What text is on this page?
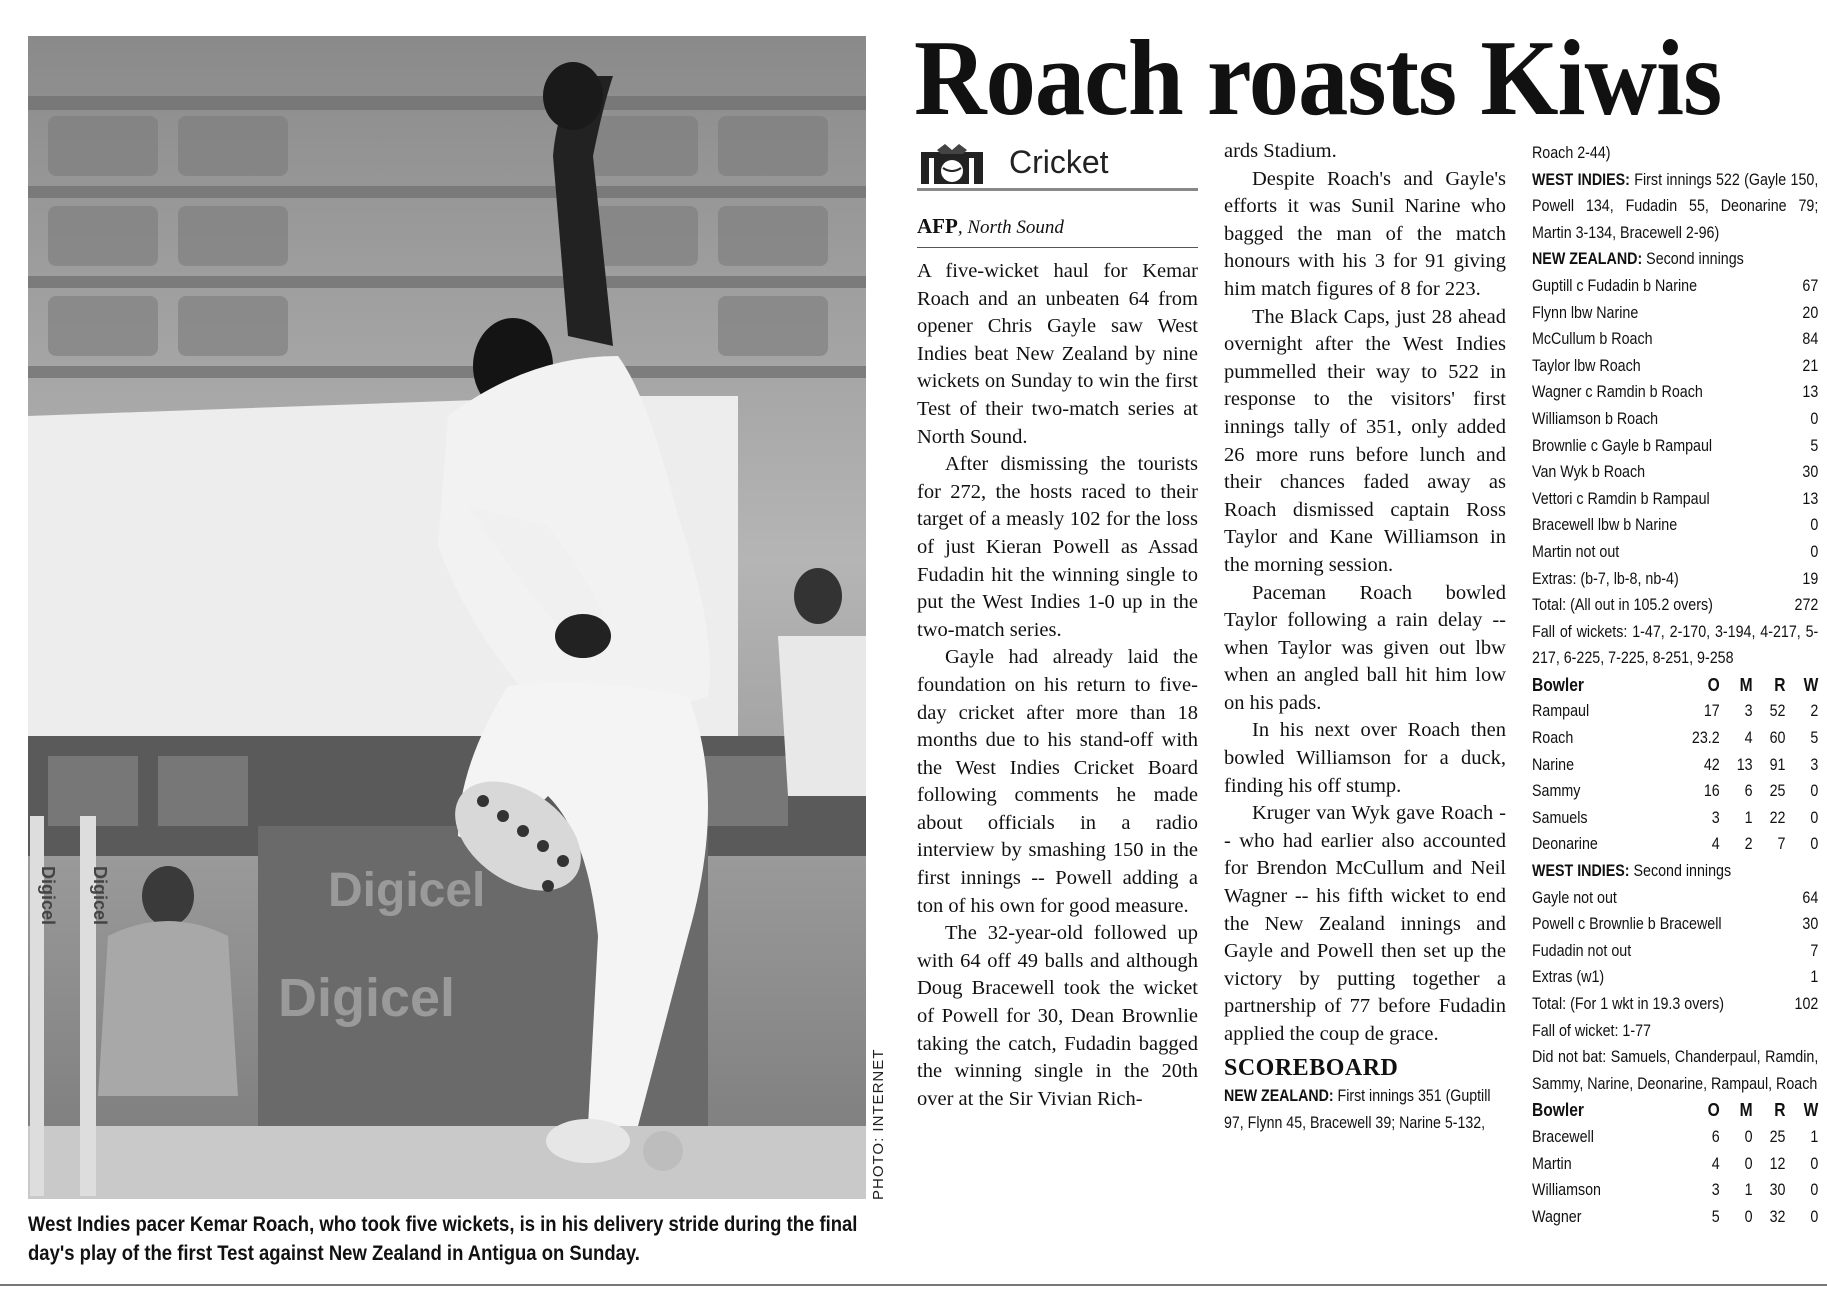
Digicel
Digicel
Digicel Digicel
PHOTO: INTERNET
West Indies pacer Kemar Roach, who took five wickets, is in his delivery stride during the final day's play of the first Test against New Zealand in Antigua on Sunday.
Roach roasts Kiwis
Cricket
AFP, North Sound

A five-wicket haul for Kemar Roach and an unbeaten 64 from opener Chris Gayle saw West Indies beat New Zealand by nine wickets on Sunday to win the first Test of their two-match series at North Sound.

After dismissing the tourists for 272, the hosts raced to their target of a measly 102 for the loss of just Kieran Powell as Assad Fudadin hit the winning single to put the West Indies 1-0 up in the two-match series.

Gayle had already laid the foundation on his return to five-day cricket after more than 18 months due to his stand-off with the West Indies Cricket Board following comments he made about officials in a radio interview by smashing 150 in the first innings -- Powell adding a ton of his own for good measure.

The 32-year-old followed up with 64 off 49 balls and although Doug Bracewell took the wicket of Powell for 30, Dean Brownlie taking the catch, Fudadin bagged the winning single in the 20th over at the Sir Vivian Rich-

ards Stadium.

Despite Roach's and Gayle's efforts it was Sunil Narine who bagged the man of the match honours with his 3 for 91 giving him match figures of 8 for 223.

The Black Caps, just 28 ahead overnight after the West Indies pummelled their way to 522 in response to the visitors' first innings tally of 351, only added 26 more runs before lunch and their chances faded away as Roach dismissed captain Ross Taylor and Kane Williamson in the morning session.

Paceman Roach bowled Taylor following a rain delay -- when Taylor was given out lbw when an angled ball hit him low on his pads.

In his next over Roach then bowled Williamson for a duck, finding his off stump.

Kruger van Wyk gave Roach -- who had earlier also accounted for Brendon McCullum and Neil Wagner -- his fifth wicket to end the New Zealand innings and Gayle and Powell then set up the victory by putting together a partnership of 77 before Fudadin applied the coup de grace.

SCOREBOARD
NEW ZEALAND: First innings 351 (Guptill 97, Flynn 45, Bracewell 39; Narine 5-132,
Roach 2-44)
WEST INDIES: First innings 522 (Gayle 150, Powell 134, Fudadin 55, Deonarine 79; Martin 3-134, Bracewell 2-96)
NEW ZEALAND: Second innings
Guptill c Fudadin b Narine	67
Flynn lbw Narine	20
McCullum b Roach	84
Taylor lbw Roach	21
Wagner c Ramdin b Roach	13
Williamson b Roach	0
Brownlie c Gayle b Rampaul	5
Van Wyk b Roach	30
Vettori c Ramdin b Rampaul	13
Bracewell lbw b Narine	0
Martin not out	0
Extras: (b-7, lb-8, nb-4)	19
Total: (All out in 105.2 overs)	272
Fall of wickets: 1-47, 2-170, 3-194, 4-217, 5-217, 6-225, 7-225, 8-251, 9-258
Bowler	O	M	R	W
Rampaul	17	3	52	2
Roach	23.2	4	60	5
Narine	42	13	91	3
Sammy	16	6	25	0
Samuels	3	1	22	0
Deonarine	4	2	7	0
WEST INDIES: Second innings
Gayle not out	64
Powell c Brownlie b Bracewell	30
Fudadin not out	7
Extras (w1)	1
Total: (For 1 wkt in 19.3 overs)	102
Fall of wicket: 1-77
Did not bat: Samuels, Chanderpaul, Ramdin, Sammy, Narine, Deonarine, Rampaul, Roach
Bowler	O	M	R	W
Bracewell	6	0	25	1
Martin	4	0	12	0
Williamson	3	1	30	0
Wagner	5	0	32	0
